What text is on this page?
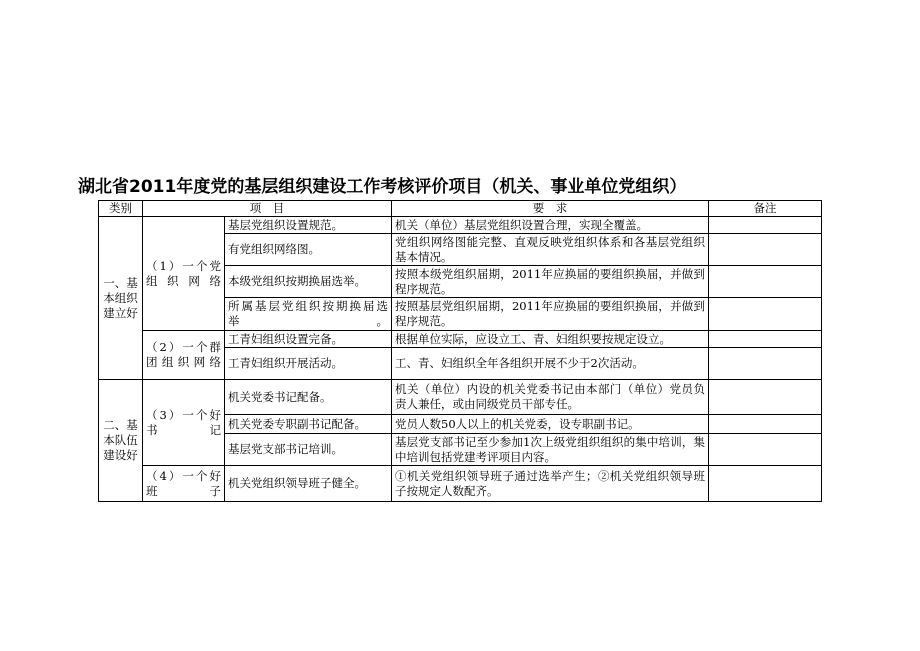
湖北省2011年度党的基层组织建设工作考核评价项目（机关、事业单位党组织）
类别	项　目		要　求	备注
一、基本组织建立好	（1）一个党组织网络	基层党组织设置规范。	机关（单位）基层党组织设置合理，实现全覆盖。	
		有党组织网络图。	党组织网络图能完整、直观反映党组织体系和各基层党组织基本情况。	
		本级党组织按期换届选举。	按照本级党组织届期，2011年应换届的要组织换届，并做到程序规范。	
		所属基层党组织按期换届选举。	按照基层党组织届期，2011年应换届的要组织换届，并做到程序规范。	
	（2）一个群团组织网络	工青妇组织设置完备。	根据单位实际，应设立工、青、妇组织要按规定设立。	
		工青妇组织开展活动。	工、青、妇组织全年各组织开展不少于2次活动。	
二、基本队伍建设好	（3）一个好书记	机关党委书记配备。	机关（单位）内设的机关党委书记由本部门（单位）党员负责人兼任，或由同级党员干部专任。	
		机关党委专职副书记配备。	党员人数50人以上的机关党委，设专职副书记。	
		基层党支部书记培训。	基层党支部书记至少参加1次上级党组织组织的集中培训，集中培训包括党建考评项目内容。	
	（4）一个好班子	机关党组织领导班子健全。	①机关党组织领导班子通过选举产生；②机关党组织领导班子按规定人数配齐。	
